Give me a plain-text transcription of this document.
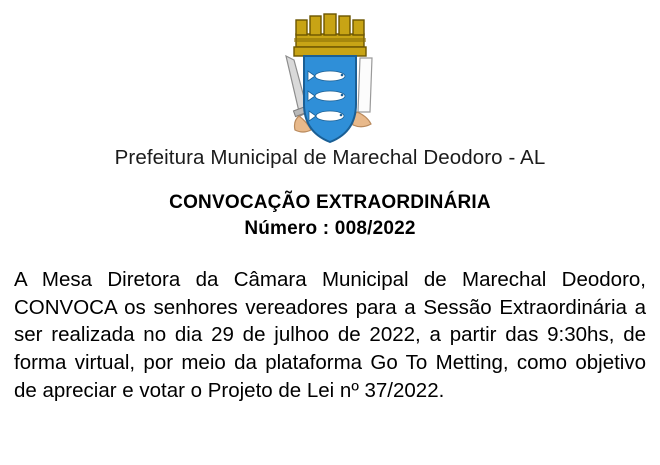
Prefeitura Municipal de Marechal Deodoro - AL
CONVOCAÇÃO EXTRAORDINÁRIA
Número : 008/2022
A Mesa Diretora da Câmara Municipal de Marechal Deodoro, CONVOCA os senhores vereadores para a Sessão Extraordinária a ser realizada no dia 29 de julhoo de 2022, a partir das 9:30hs, de forma virtual, por meio da plataforma Go To Metting, como objetivo de apreciar e votar o Projeto de Lei nº 37/2022.
